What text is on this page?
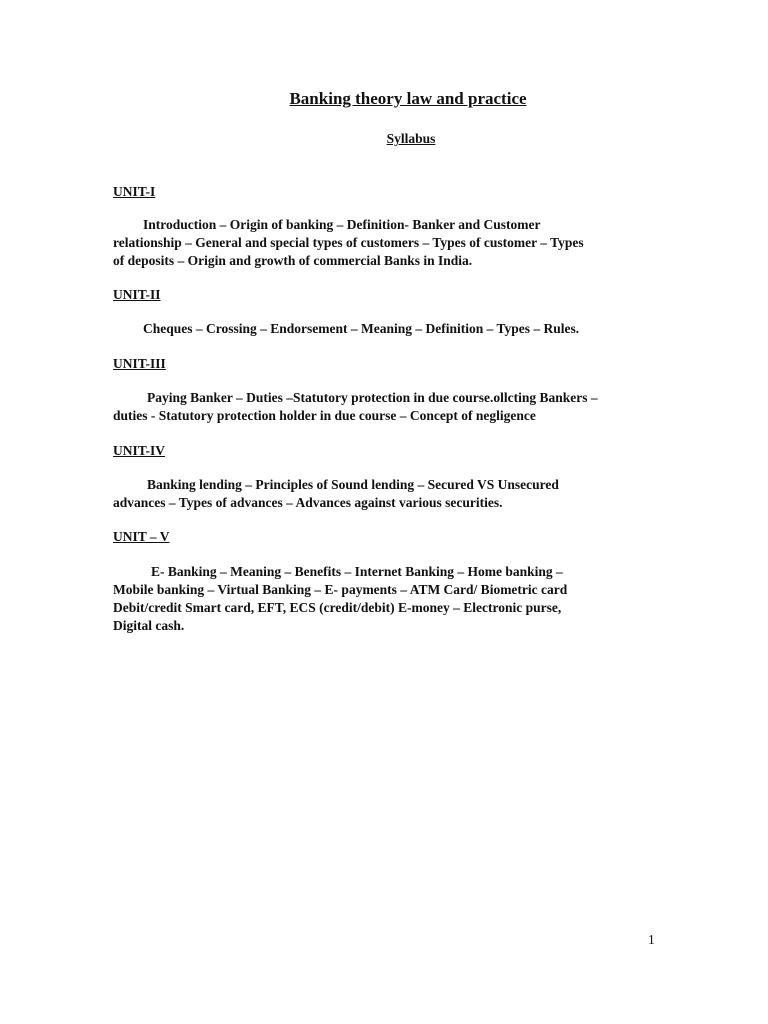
Banking theory law and practice
Syllabus
UNIT-I
Introduction – Origin of banking – Definition- Banker and Customer
relationship – General and special types of customers – Types of customer – Types
of deposits – Origin and growth of commercial Banks in India.
UNIT-II
Cheques – Crossing – Endorsement – Meaning – Definition – Types – Rules.
UNIT-III
Paying Banker – Duties –Statutory protection in due course.ollcting Bankers –
duties - Statutory protection holder in due course – Concept of negligence
UNIT-IV
Banking lending – Principles of Sound lending – Secured VS Unsecured
advances – Types of advances – Advances against various securities.
UNIT – V
E- Banking – Meaning – Benefits – Internet Banking – Home banking –
Mobile banking – Virtual Banking – E- payments – ATM Card/ Biometric card
Debit/credit Smart card, EFT, ECS (credit/debit) E-money – Electronic purse,
Digital cash.

1
